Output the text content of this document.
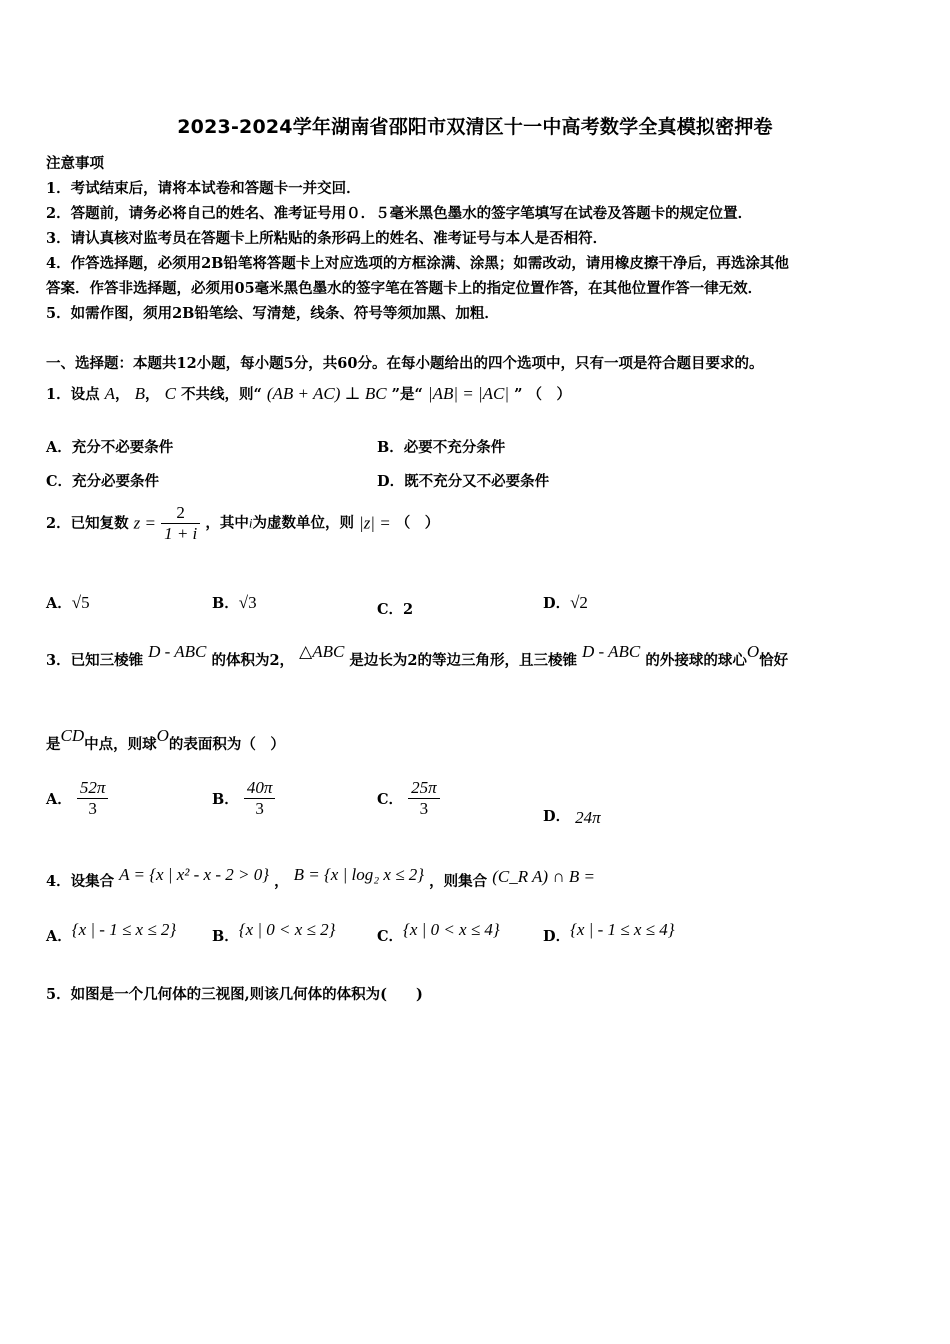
2023-2024学年湖南省邵阳市双清区十一中高考数学全真模拟密押卷
注意事项
1．考试结束后，请将本试卷和答题卡一并交回．
2．答题前，请务必将自己的姓名、准考证号用０．５毫米黑色墨水的签字笔填写在试卷及答题卡的规定位置．
3．请认真核对监考员在答题卡上所粘贴的条形码上的姓名、准考证号与本人是否相符．
4．作答选择题，必须用2B铅笔将答题卡上对应选项的方框涂满、涂黑；如需改动，请用橡皮擦干净后，再选涂其他
答案．作答非选择题，必须用05毫米黑色墨水的签字笔在答题卡上的指定位置作答，在其他位置作答一律无效．
5．如需作图，须用2B铅笔绘、写清楚，线条、符号等须加黑、加粗．
一、选择题：本题共12小题，每小题5分，共60分。在每小题给出的四个选项中，只有一项是符合题目要求的。
1．设点 A， B， C 不共线，则“ (AB + AC) ⊥ BC ”是“ |AB| = |AC| ” （　）
A．充分不必要条件	B．必要不充分条件
C．充分必要条件	D．既不充分又不必要条件
2．已知复数 $z = \frac{2}{1 + i}$ ，其中i为虚数单位，则 |z| = （　）
A．√5	B．√3	C．2	D．√2
3．已知三棱锥 D - ABC 的体积为2， △ABC 是边长为2的等边三角形，且三棱锥 D - ABC 的外接球的球心O恰好
是CD中点，则球O的表面积为（　）
A． $\frac{52\pi}{3}$	B． $\frac{40\pi}{3}$	C． $\frac{25\pi}{3}$	D． 24π
4．设集合 A = {x | x² - x - 2 > 0} ， B = {x | log₂ x ≤ 2} ，则集合 (C_R A) ∩ B =
A．{x | - 1 ≤ x ≤ 2} B．{x | 0 < x ≤ 2}	C．{x | 0 < x ≤ 4}	D．{x | - 1 ≤ x ≤ 4}
5．如图是一个几何体的三视图,则该几何体的体积为(　　)
